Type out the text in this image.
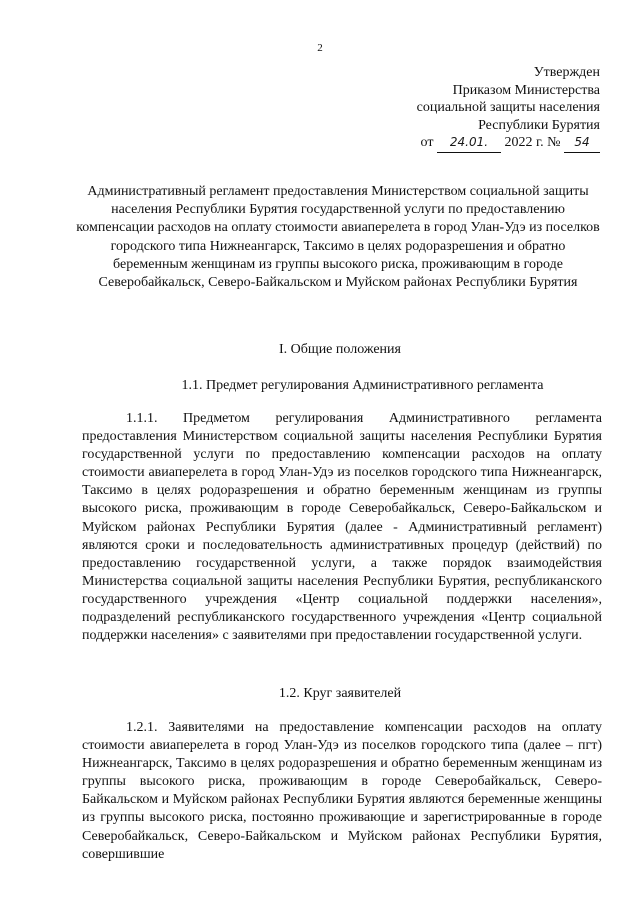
2
Утвержден
Приказом Министерства
социальной защиты населения
Республики Бурятия
от 24.01. 2022 г. № 54
Административный регламент предоставления Министерством социальной защиты населения Республики Бурятия государственной услуги по предоставлению компенсации расходов на оплату стоимости авиаперелета в город Улан-Удэ из поселков городского типа Нижнеангарск, Таксимо в целях родоразрешения и обратно беременным женщинам из группы высокого риска, проживающим в городе Северобайкальск, Северо-Байкальском и Муйском районах Республики Бурятия
I. Общие положения
1.1. Предмет регулирования Административного регламента

1.1.1. Предметом регулирования Административного регламента предоставления Министерством социальной защиты населения Республики Бурятия государственной услуги по предоставлению компенсации расходов на оплату стоимости авиаперелета в город Улан-Удэ из поселков городского типа Нижнеангарск, Таксимо в целях родоразрешения и обратно беременным женщинам из группы высокого риска, проживающим в городе Северобайкальск, Северо-Байкальском и Муйском районах Республики Бурятия (далее - Административный регламент) являются сроки и последовательность административных процедур (действий) по предоставлению государственной услуги, а также порядок взаимодействия Министерства социальной защиты населения Республики Бурятия, республиканского государственного учреждения «Центр социальной поддержки населения», подразделений республиканского государственного учреждения «Центр социальной поддержки населения» с заявителями при предоставлении государственной услуги.

1.2. Круг заявителей

1.2.1. Заявителями на предоставление компенсации расходов на оплату стоимости авиаперелета в город Улан-Удэ из поселков городского типа (далее – пгт) Нижнеангарск, Таксимо в целях родоразрешения и обратно беременным женщинам из группы высокого риска, проживающим в городе Северобайкальск, Северо-Байкальском и Муйском районах Республики Бурятия являются беременные женщины из группы высокого риска, постоянно проживающие и зарегистрированные в городе Северобайкальск, Северо-Байкальском и Муйском районах Республики Бурятия, совершившие
